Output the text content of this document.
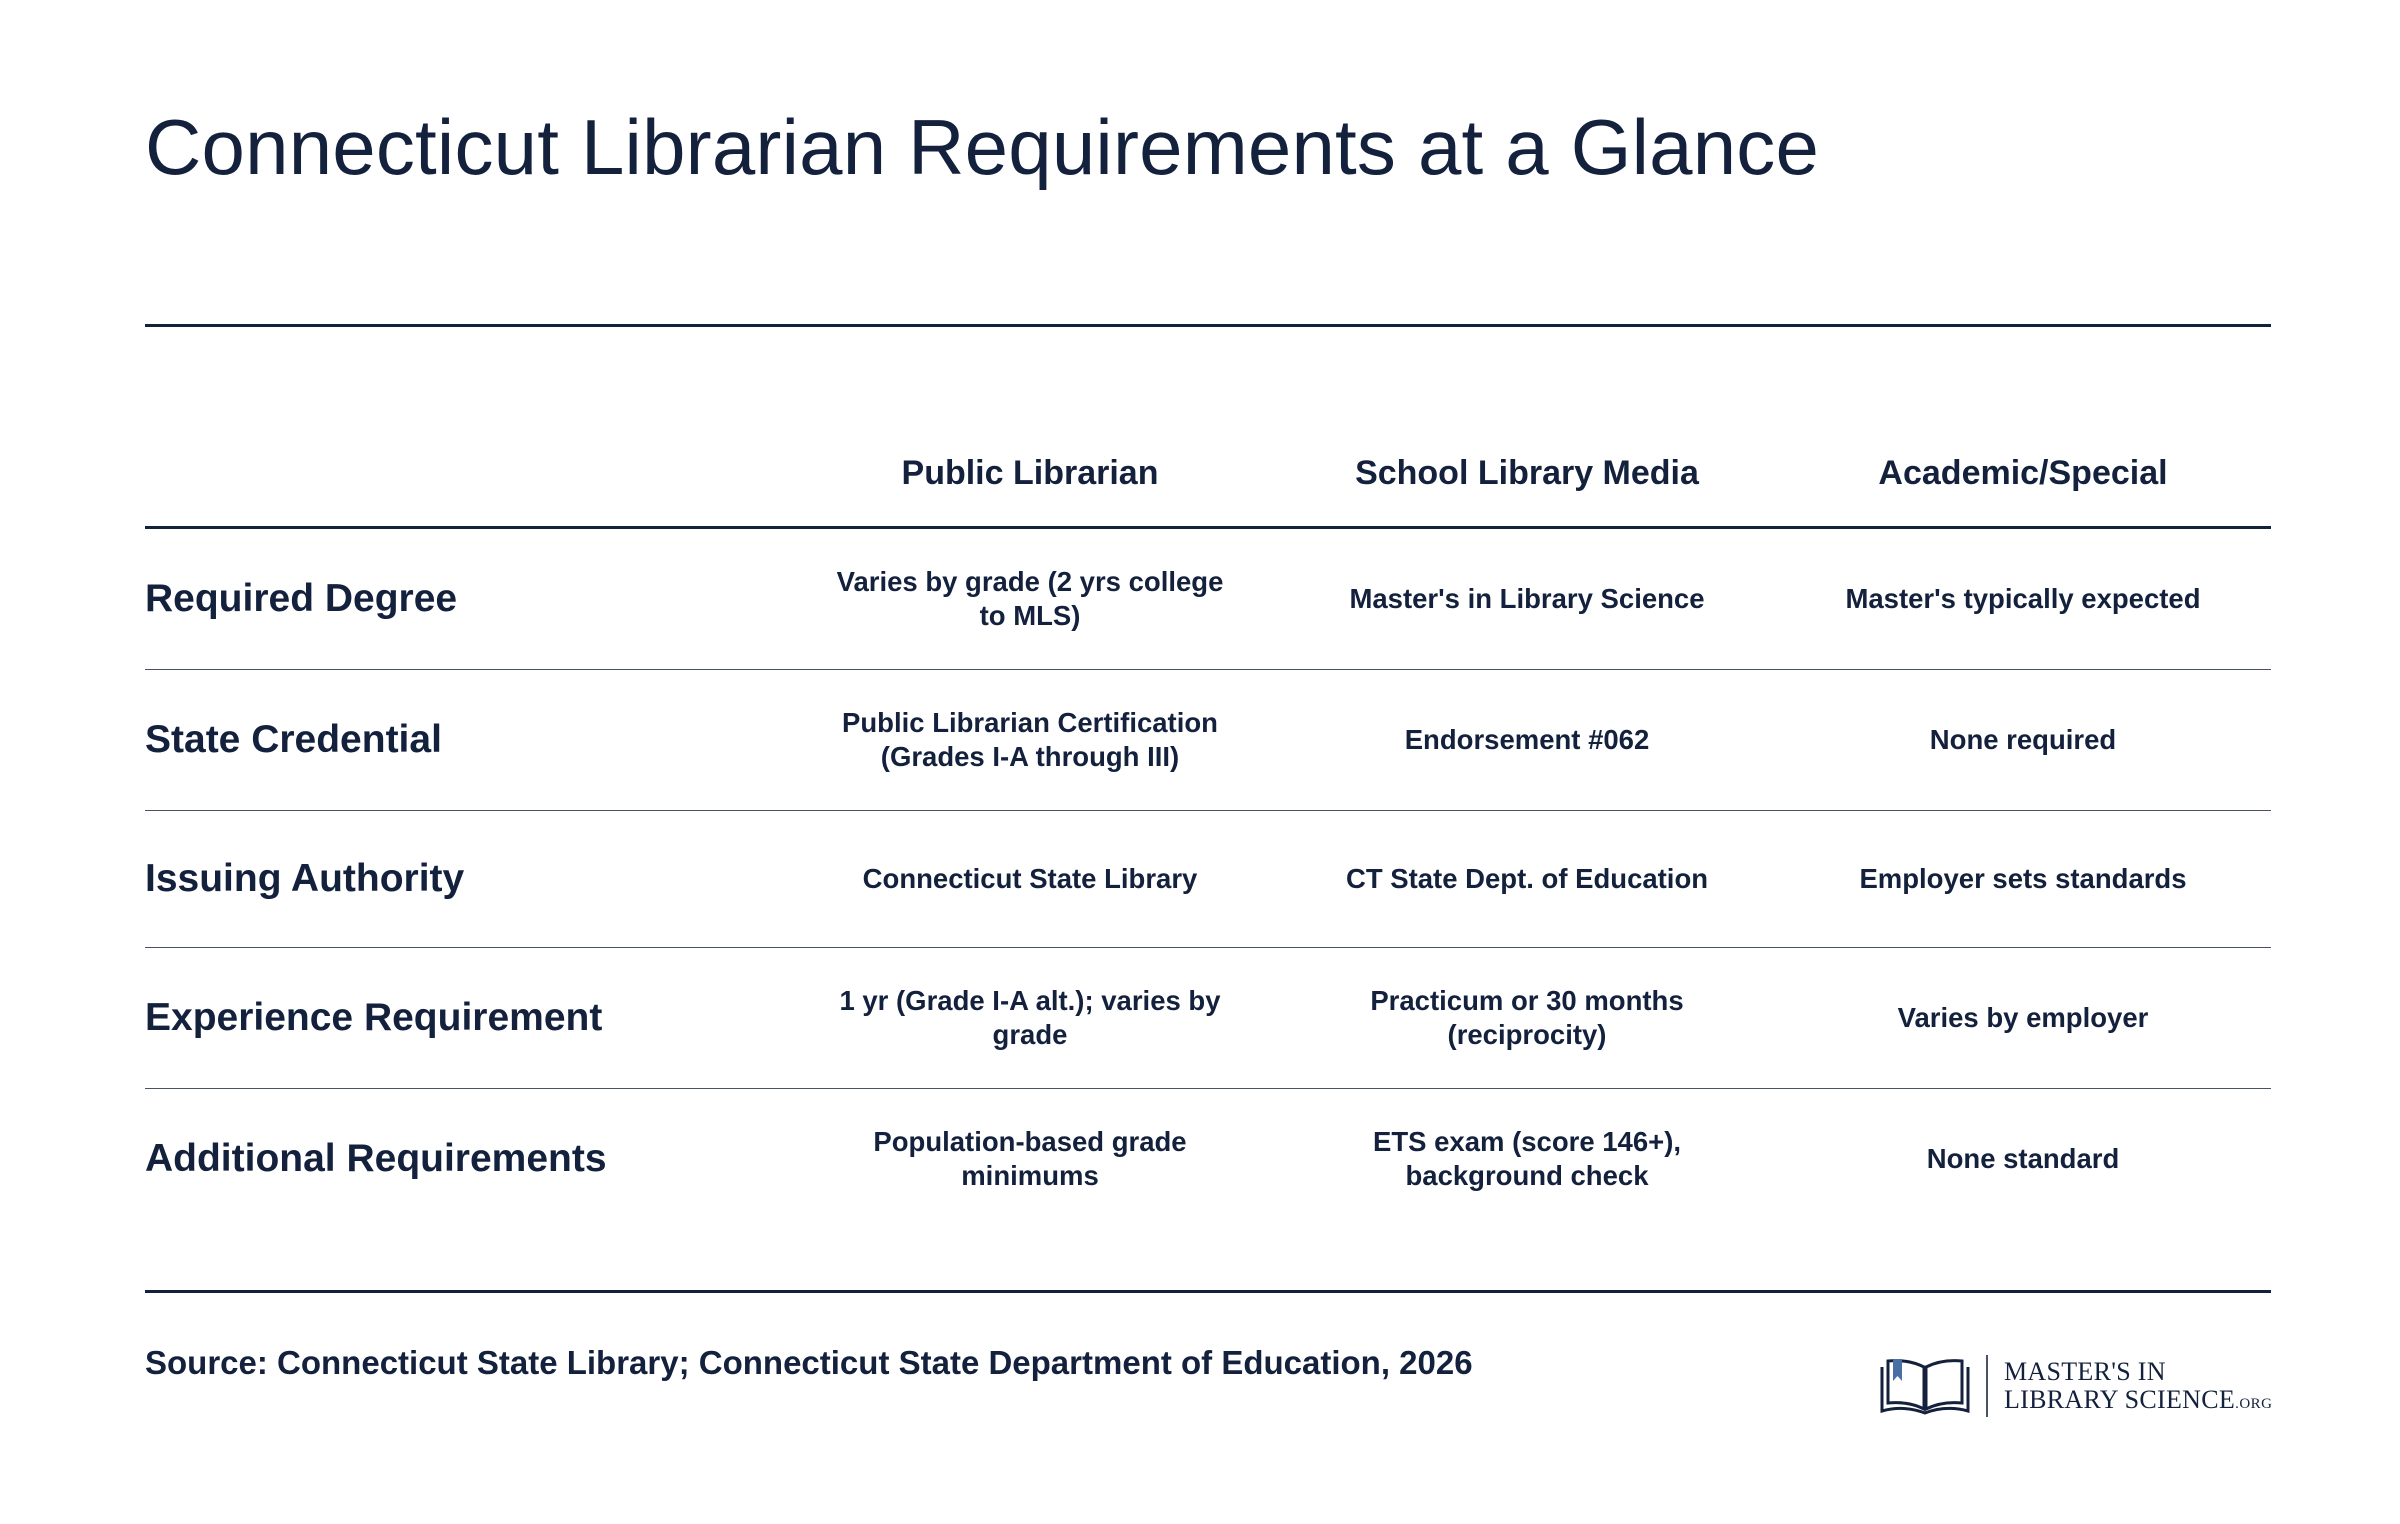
Connecticut Librarian Requirements at a Glance
	Public Librarian	School Library Media	Academic/Special
Required Degree	Varies by grade (2 yrs college to MLS)	Master's in Library Science	Master's typically expected
State Credential	Public Librarian Certification (Grades I-A through III)	Endorsement #062	None required
Issuing Authority	Connecticut State Library	CT State Dept. of Education	Employer sets standards
Experience Requirement	1 yr (Grade I-A alt.); varies by grade	Practicum or 30 months (reciprocity)	Varies by employer
Additional Requirements	Population-based grade minimums	ETS exam (score 146+), background check	None standard
Source: Connecticut State Library; Connecticut State Department of Education, 2026	MASTER'S IN
LIBRARY SCIENCE.ORG
